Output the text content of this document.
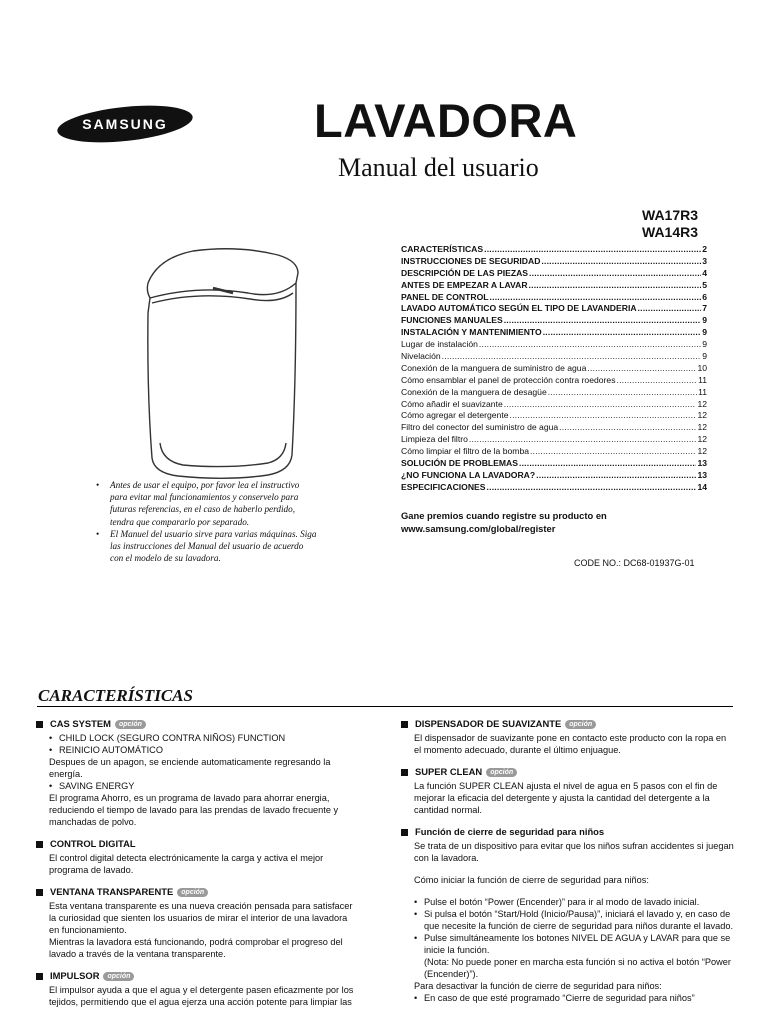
SAMSUNG	LAVADORA
Manual del usuario
WA17R3
WA14R3
• Antes de usar el equipo, por favor lea el instructivo para evitar mal funcionamientos y conservelo para futuras referencias, en el caso de haberlo perdido, tendra que compararlo por separado.
• El Manuel del usuario sirve para varias máquinas. Siga las instrucciones del Manual del usuario de acuerdo con el modelo de su lavadora.
CARACTERÍSTICAS .....	2
INSTRUCCIONES DE SEGURIDAD .....	3
DESCRIPCIÓN DE LAS PIEZAS .....	4
ANTES DE EMPEZAR A LAVAR .....	5
PANEL DE CONTROL .....	6
LAVADO AUTOMÁTICO SEGÚN EL TIPO DE LAVANDERIA .....	7
FUNCIONES MANUALES .....	9
INSTALACIÓN Y MANTENIMIENTO .....	9
Lugar de instalación .....	9
Nivelación .....	9
Conexión de la manguera de suministro de agua .....	10
Cómo ensamblar el panel de protección contra roedores .....	11
Conexión de la manguera de desagüe .....	11
Cómo añadir el suavizante .....	12
Cómo agregar el detergente .....	12
Filtro del conector del suministro de agua .....	12
Limpieza del filtro .....	12
Cómo limpiar el filtro de la bomba .....	12
SOLUCIÓN DE PROBLEMAS .....	13
¿NO FUNCIONA LA LAVADORA? .....	13
ESPECIFICACIONES .....	14
Gane premios cuando registre su producto en
www.samsung.com/global/register
CODE NO.: DC68-01937G-01
CARACTERÍSTICAS
CAS SYSTEM	opción
• CHILD LOCK (SEGURO CONTRA NIÑOS) FUNCTION
• REINICIO AUTOMÁTICO

Despues de un apagon, se enciende automaticamente regresando la energía.

• SAVING ENERGY

El programa Ahorro, es un programa de lavado para ahorrar energia, reduciendo el tiempo de lavado para las prendas de lavado frecuente y manchadas de polvo.

CONTROL DIGITAL

El control digital detecta electrónicamente la carga y activa el mejor programa de lavado.

VENTANA TRANSPARENTE	opción

Esta ventana transparente es una nueva creación pensada para satisfacer la curiosidad que sienten los usuarios de mirar el interior de una lavadora en funcionamiento.

Mientras la lavadora está funcionando, podrá comprobar el progreso del lavado a través de la ventana transparente.

IMPULSOR	opción

El impulsor ayuda a que el agua y el detergente pasen eficazmente por los tejidos, permitiendo que el agua ejerza una acción potente para limpiar las

DISPENSADOR DE SUAVIZANTE	opción

El dispensador de suavizante pone en contacto este producto con la ropa en el momento adecuado, durante el último enjuague.

SUPER CLEAN	opción

La función SUPER CLEAN ajusta el nivel de agua en 5 pasos con el fin de mejorar la eficacia del detergente y ajusta la cantidad del detergente a la cantidad normal.

Función de cierre de seguridad para niños

Se trata de un dispositivo para evitar que los niños sufran accidentes si juegan con la lavadora.

Cómo iniciar la función de cierre de seguridad para niños:

• Pulse el botón “Power (Encender)” para ir al modo de lavado inicial.
• Si pulsa el botón “Start/Hold (Inicio/Pausa)”, iniciará el lavado y, en caso de que necesite la función de cierre de seguridad para niños durante el lavado.
• Pulse simultáneamente los botones NIVEL DE AGUA y LAVAR para que se inicie la función.
(Nota: No puede poner en marcha esta función si no activa el botón “Power (Encender)”).

Para desactivar la función de cierre de seguridad para niños:

• En caso de que esté programado “Cierre de seguridad para niños”
